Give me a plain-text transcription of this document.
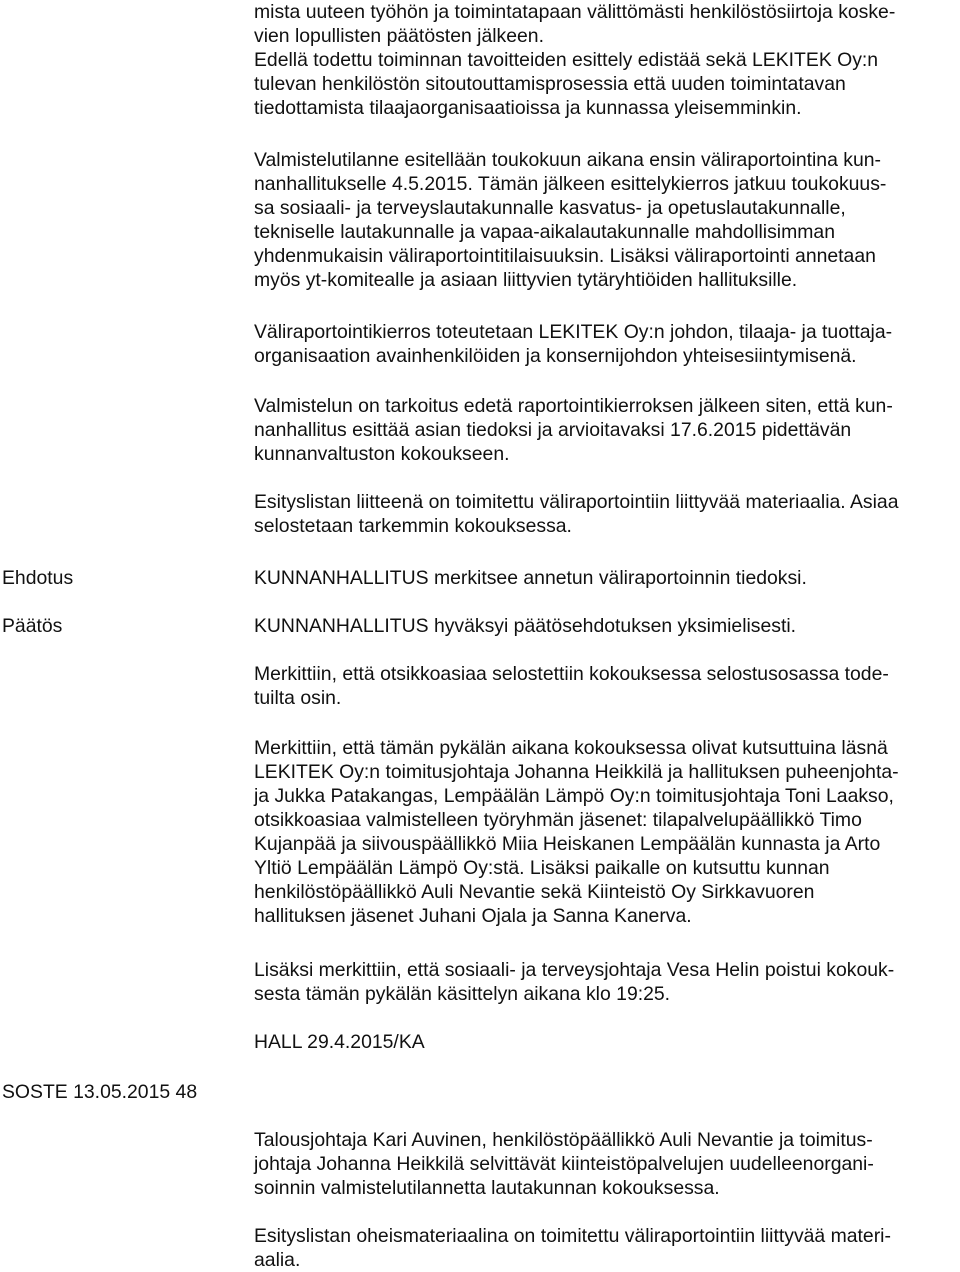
Ehdotus
Päätös
SOSTE 13.05.2015 48
mista uuteen työhön ja toimintatapaan välittömästi henkilöstösiirtoja koske-
vien lopullisten päätösten jälkeen.
Edellä todettu toiminnan tavoitteiden esittely edistää sekä LEKITEK Oy:n
tulevan henkilöstön sitoutouttamisprosessia että uuden toimintatavan
tiedottamista tilaajaorganisaatioissa ja kunnassa yleisemminkin.
Valmistelutilanne esitellään toukokuun aikana ensin väliraportointina kun-
nanhallitukselle 4.5.2015. Tämän jälkeen esittelykierros jatkuu toukokuus-
sa sosiaali- ja terveyslautakunnalle kasvatus- ja opetuslautakunnalle,
tekniselle lautakunnalle ja vapaa-aikalautakunnalle mahdollisimman
yhdenmukaisin väliraportointitilaisuuksin. Lisäksi väliraportointi annetaan
myös yt-komitealle ja asiaan liittyvien tytäryhtiöiden hallituksille.
Väliraportointikierros toteutetaan LEKITEK Oy:n johdon, tilaaja- ja tuottaja-
organisaation avainhenkilöiden ja konsernijohdon yhteisesiintymisenä.
Valmistelun on tarkoitus edetä raportointikierroksen jälkeen siten, että kun-
nanhallitus esittää asian tiedoksi ja arvioitavaksi 17.6.2015 pidettävän
kunnanvaltuston kokoukseen.
Esityslistan liitteenä on toimitettu väliraportointiin liittyvää materiaalia. Asiaa
selostetaan tarkemmin kokouksessa.
KUNNANHALLITUS merkitsee annetun väliraportoinnin tiedoksi.
KUNNANHALLITUS hyväksyi päätösehdotuksen yksimielisesti.
Merkittiin, että otsikkoasiaa selostettiin kokouksessa selostusosassa tode-
tuilta osin.
Merkittiin, että tämän pykälän aikana kokouksessa olivat kutsuttuina läsnä
LEKITEK Oy:n toimitusjohtaja Johanna Heikkilä ja hallituksen puheenjohta-
ja Jukka Patakangas, Lempäälän Lämpö Oy:n toimitusjohtaja Toni Laakso,
otsikkoasiaa valmistelleen työryhmän jäsenet: tilapalvelupäällikkö Timo
Kujanpää ja siivouspäällikkö Miia Heiskanen Lempäälän kunnasta ja Arto
Yltiö Lempäälän Lämpö Oy:stä. Lisäksi paikalle on kutsuttu kunnan
henkilöstöpäällikkö Auli Nevantie sekä Kiinteistö Oy Sirkkavuoren
hallituksen jäsenet Juhani Ojala ja Sanna Kanerva.
Lisäksi merkittiin, että sosiaali- ja terveysjohtaja Vesa Helin poistui kokouk-
sesta tämän pykälän käsittelyn aikana klo 19:25.
HALL 29.4.2015/KA
Talousjohtaja Kari Auvinen, henkilöstöpäällikkö Auli Nevantie ja toimitus-
johtaja Johanna Heikkilä selvittävät kiinteistöpalvelujen uudelleenorgani-
soinnin valmistelutilannetta lautakunnan kokouksessa.
Esityslistan oheismateriaalina on toimitettu väliraportointiin liittyvää materi-
aalia.
